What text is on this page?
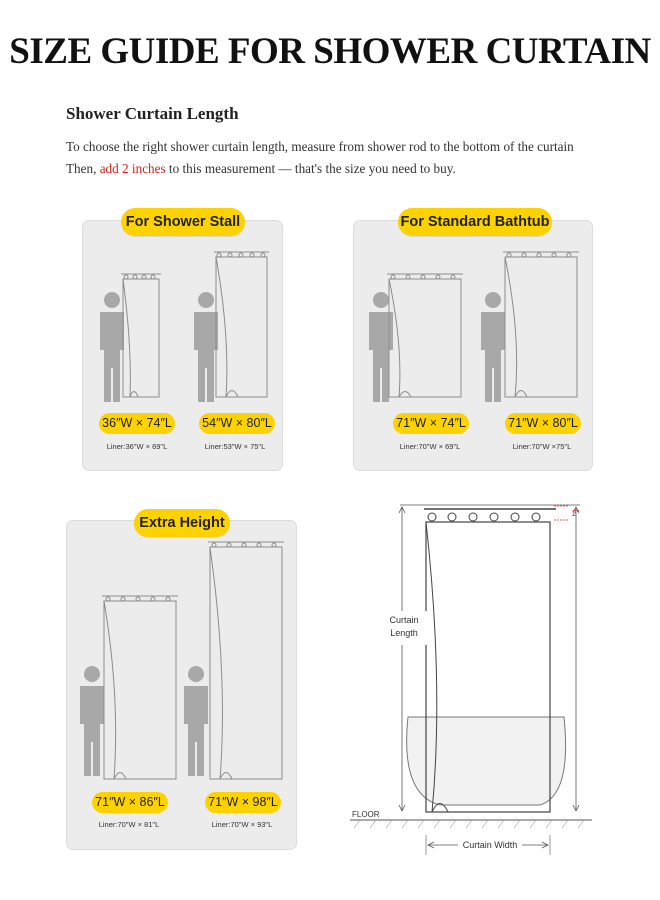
SIZE GUIDE FOR SHOWER CURTAIN
Shower Curtain Length
To choose the right shower curtain length, measure from shower rod to the bottom of the curtain
Then, add 2 inches to this measurement — that's the size you need to buy.
For Shower Stall
36″W × 74″L 54″W × 80″L
Liner:36"W × 69"L	Liner:53"W × 75"L
For Standard Bathtub
71″W × 74″L	71″W × 80″L
Liner:70"W × 69"L	Liner:70"W ×75"L
Extra Height
71″W × 86″L	71″W × 98″L
Liner:70"W × 81"L	Liner:70"W × 93"L
Curtain
Length
2"
FLOOR
Curtain Width
